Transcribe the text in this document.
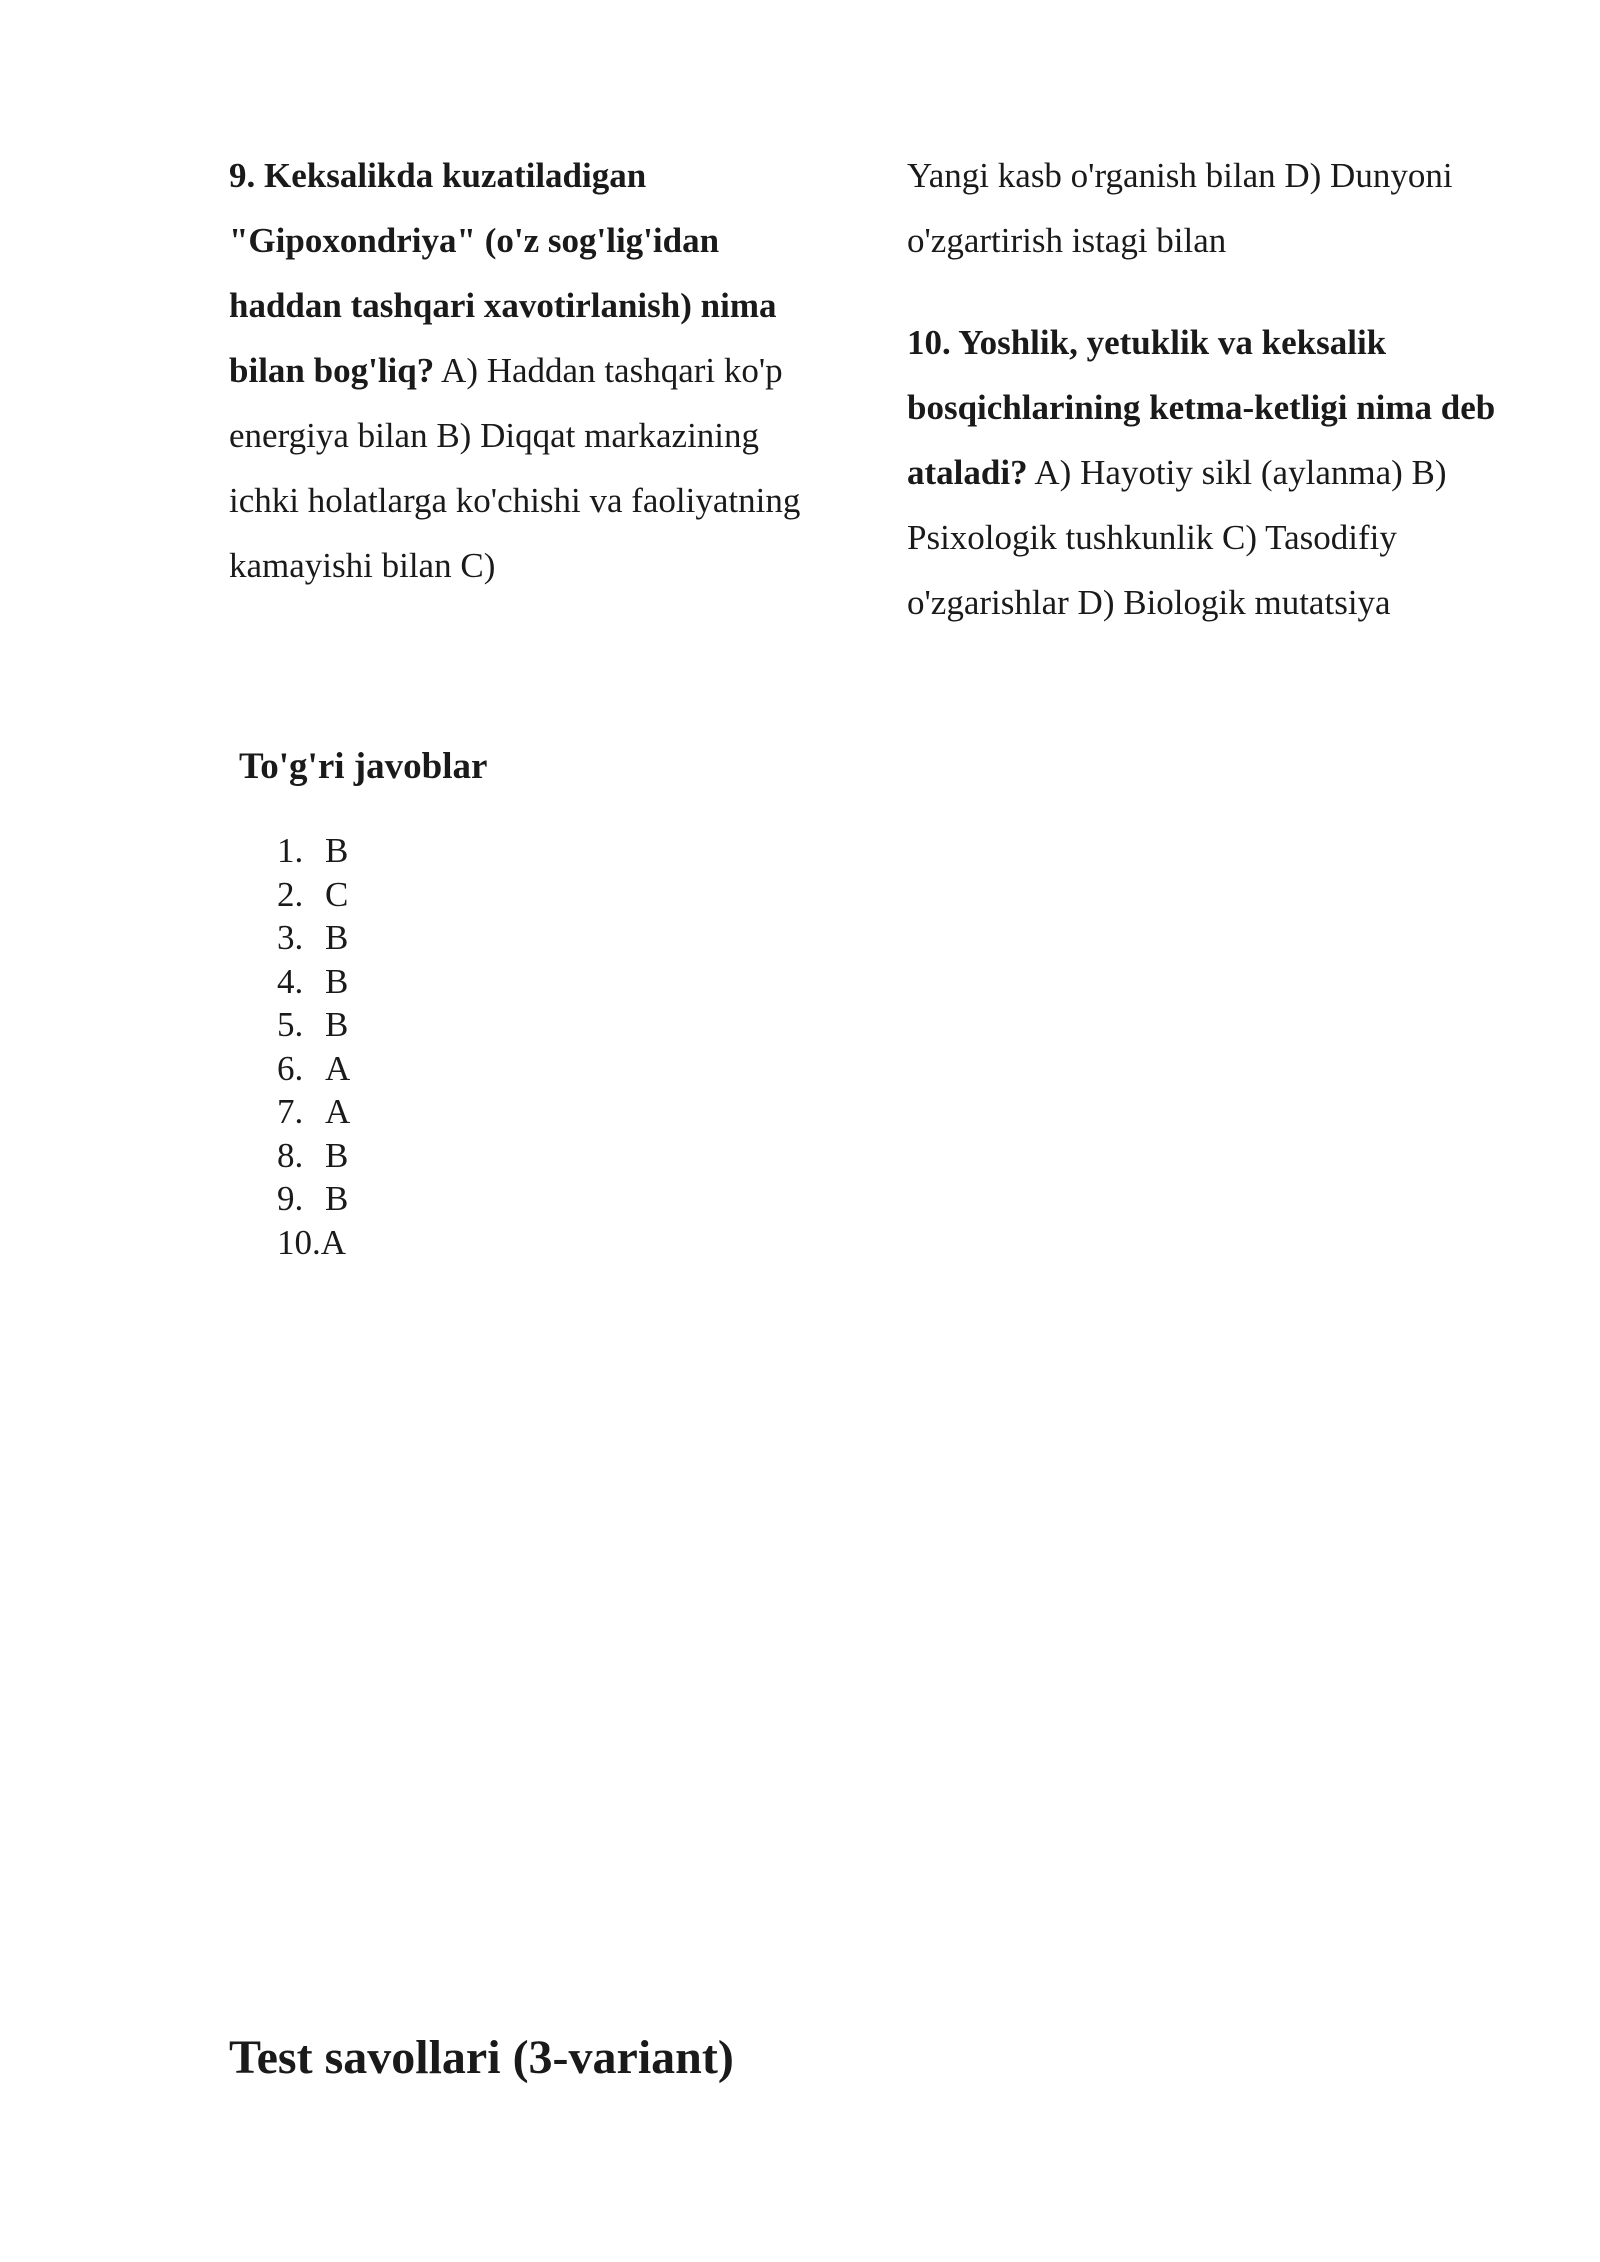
9. Keksalikda kuzatiladigan "Gipoxondriya" (o'z sog'lig'idan haddan tashqari xavotirlanish) nima bilan bog'liq? A) Haddan tashqari ko'p energiya bilan B) Diqqat markazining ichki holatlarga ko'chishi va faoliyatning kamayishi bilan C)

Yangi kasb o'rganish bilan D) Dunyoni o'zgartirish istagi bilan

10. Yoshlik, yetuklik va keksalik bosqichlarining ketma-ketligi nima deb ataladi? A) Hayotiy sikl (aylanma) B) Psixologik tushkunlik C) Tasodifiy o'zgarishlar D) Biologik mutatsiya

To'g'ri javoblar
1. B
2. C
3. B
4. B
5. B
6. A
7. A
8. B
9. B
10. A
Test savollari (3-variant)
